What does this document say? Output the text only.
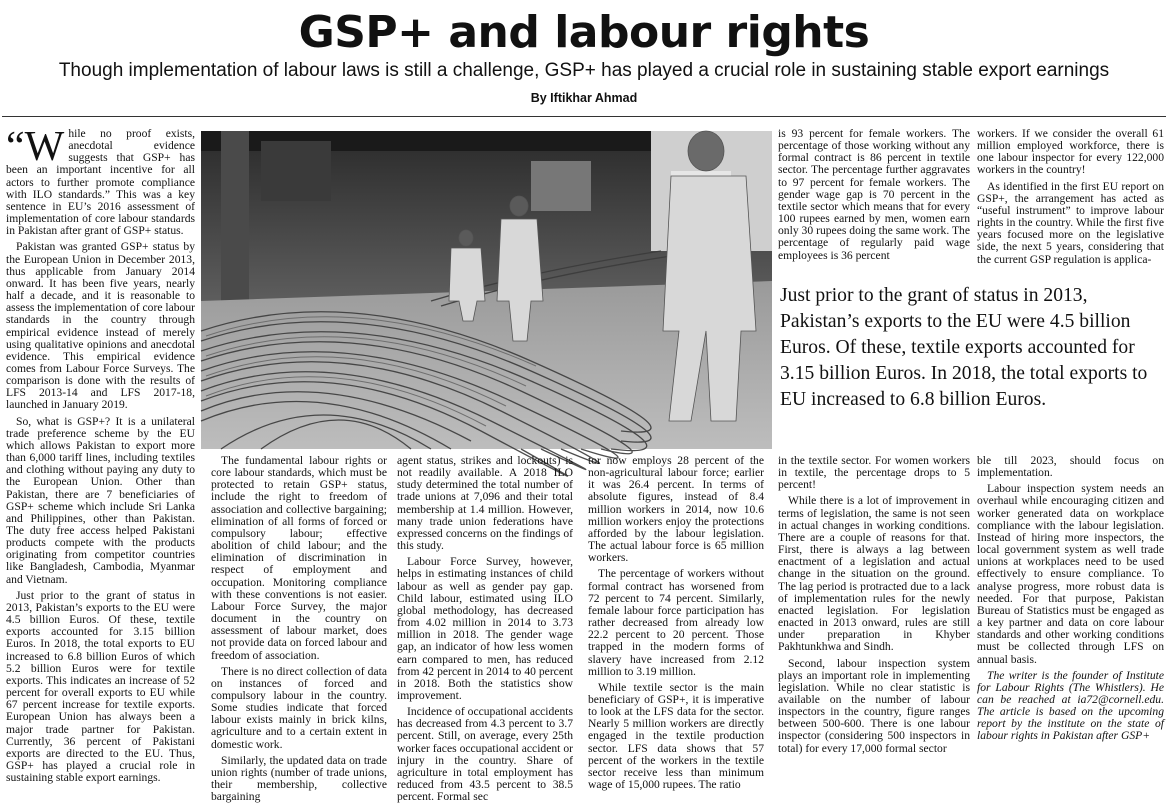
GSP+ and labour rights
Though implementation of labour laws is still a challenge, GSP+ has played a crucial role in sustaining stable export earnings
By Iftikhar Ahmad

“W hile no proof exists, anecdotal evidence suggests that GSP+ has been an important incentive for all actors to further promote compliance with ILO standards.” This was a key sentence in EU’s 2016 assessment of implementation of core labour standards in Pakistan after grant of GSP+ status.

Pakistan was granted GSP+ status by the European Union in December 2013, thus applicable from January 2014 onward. It has been five years, nearly half a decade, and it is reasonable to assess the implementation of core labour standards in the country through empirical evidence instead of merely using qualitative opinions and anecdotal evidence. This empirical evidence comes from Labour Force Surveys. The comparison is done with the results of LFS 2013-14 and LFS 2017-18, launched in January 2019.

So, what is GSP+? It is a unilateral trade preference scheme by the EU which allows Pakistan to export more than 6,000 tariff lines, including textiles and clothing without paying any duty to the European Union. Other than Pakistan, there are 7 beneficiaries of GSP+ scheme which include Sri Lanka and Philippines, other than Pakistan. The duty free access helped Pakistani products compete with the products originating from competitor countries like Bangladesh, Cambodia, Myanmar and Vietnam.

Just prior to the grant of status in 2013, Pakistan’s exports to the EU were 4.5 billion Euros. Of these, textile exports accounted for 3.15 billion Euros. In 2018, the total exports to EU increased to 6.8 billion Euros of which 5.2 billion Euros were for textile exports. This indicates an increase of 52 percent for overall exports to EU while 67 percent increase for textile exports. European Union has always been a major trade partner for Pakistan. Currently, 36 percent of Pakistani exports are directed to the EU. Thus, GSP+ has played a crucial role in sustaining stable export earnings.

The fundamental labour rights or core labour standards, which must be protected to retain GSP+ status, include the right to freedom of association and collective bargaining; elimination of all forms of forced or compulsory labour; effective abolition of child labour; and the elimination of discrimination in respect of employment and occupation. Monitoring compliance with these conventions is not easier. Labour Force Survey, the major document in the country on assessment of labour market, does not provide data on forced labour and freedom of association.

There is no direct collection of data on instances of forced and compulsory labour in the country. Some studies indicate that forced labour exists mainly in brick kilns, agriculture and to a certain extent in domestic work.

Similarly, the updated data on trade union rights (number of trade unions, their membership, collective bargaining

agent status, strikes and lockouts) is not readily available. A 2018 ILO study determined the total number of trade unions at 7,096 and their total membership at 1.4 million. However, many trade union federations have expressed concerns on the findings of this study.

Labour Force Survey, however, helps in estimating instances of child labour as well as gender pay gap. Child labour, estimated using ILO global methodology, has decreased from 4.02 million in 2014 to 3.73 million in 2018. The gender wage gap, an indicator of how less women earn compared to men, has reduced from 42 percent in 2014 to 40 percent in 2018. Both the statistics show improvement.

Incidence of occupational accidents has decreased from 4.3 percent to 3.7 percent. Still, on average, every 25th worker faces occupational accident or injury in the country. Share of agriculture in total employment has reduced from 43.5 percent to 38.5 percent. Formal sec

tor now employs 28 percent of the non-agricultural labour force; earlier it was 26.4 percent. In terms of absolute figures, instead of 8.4 million workers in 2014, now 10.6 million workers enjoy the protections afforded by the labour legislation. The actual labour force is 65 million workers.

The percentage of workers without formal contract has worsened from 72 percent to 74 percent. Similarly, female labour force participation has rather decreased from already low 22.2 percent to 20 percent. Those trapped in the modern forms of slavery have increased from 2.12 million to 3.19 million.

While textile sector is the main beneficiary of GSP+, it is imperative to look at the LFS data for the sector. Nearly 5 million workers are directly engaged in the textile production sector. LFS data shows that 57 percent of the workers in the textile sector receive less than minimum wage of 15,000 rupees. The ratio

is 93 percent for female workers. The percentage of those working without any formal contract is 86 percent in textile sector. The percentage further aggravates to 97 percent for female workers. The gender wage gap is 70 percent in the textile sector which means that for every 100 rupees earned by men, women earn only 30 rupees doing the same work. The percentage of regularly paid wage employees is 36 percent

workers. If we consider the overall 61 million employed workforce, there is one labour inspector for every 122,000 workers in the country!

As identified in the first EU report on GSP+, the arrangement has acted as “useful instrument” to improve labour rights in the country. While the first five years focused more on the legislative side, the next 5 years, considering that the current GSP regulation is applica-

Just prior to the grant of status in 2013, Pakistan’s exports to the EU were 4.5 billion Euros. Of these, textile exports accounted for 3.15 billion Euros. In 2018, the total exports to EU increased to 6.8 billion Euros.

in the textile sector. For women workers in textile, the percentage drops to 5 percent!

While there is a lot of improvement in terms of legislation, the same is not seen in actual changes in working conditions. There are a couple of reasons for that. First, there is always a lag between enactment of a legislation and actual change in the situation on the ground. The lag period is protracted due to a lack of implementation rules for the newly enacted legislation. For legislation enacted in 2013 onward, rules are still under preparation in Khyber Pakhtunkhwa and Sindh.

Second, labour inspection system plays an important role in implementing legislation. While no clear statistic is available on the number of labour inspectors in the country, figure ranges between 500-600. There is one labour inspector (considering 500 inspectors in total) for every 17,000 formal sector

ble till 2023, should focus on implementation.

Labour inspection system needs an overhaul while encouraging citizen and worker generated data on workplace compliance with the labour legislation. Instead of hiring more inspectors, the local government system as well trade unions at workplaces need to be used effectively to ensure compliance. To analyse progress, more robust data is needed. For that purpose, Pakistan Bureau of Statistics must be engaged as a key partner and data on core labour standards and other working conditions must be collected through LFS on annual basis.

The writer is the founder of Institute for Labour Rights (The Whistlers). He can be reached at ia72@cornell.edu. The article is based on the upcoming report by the institute on the state of labour rights in Pakistan after GSP+
